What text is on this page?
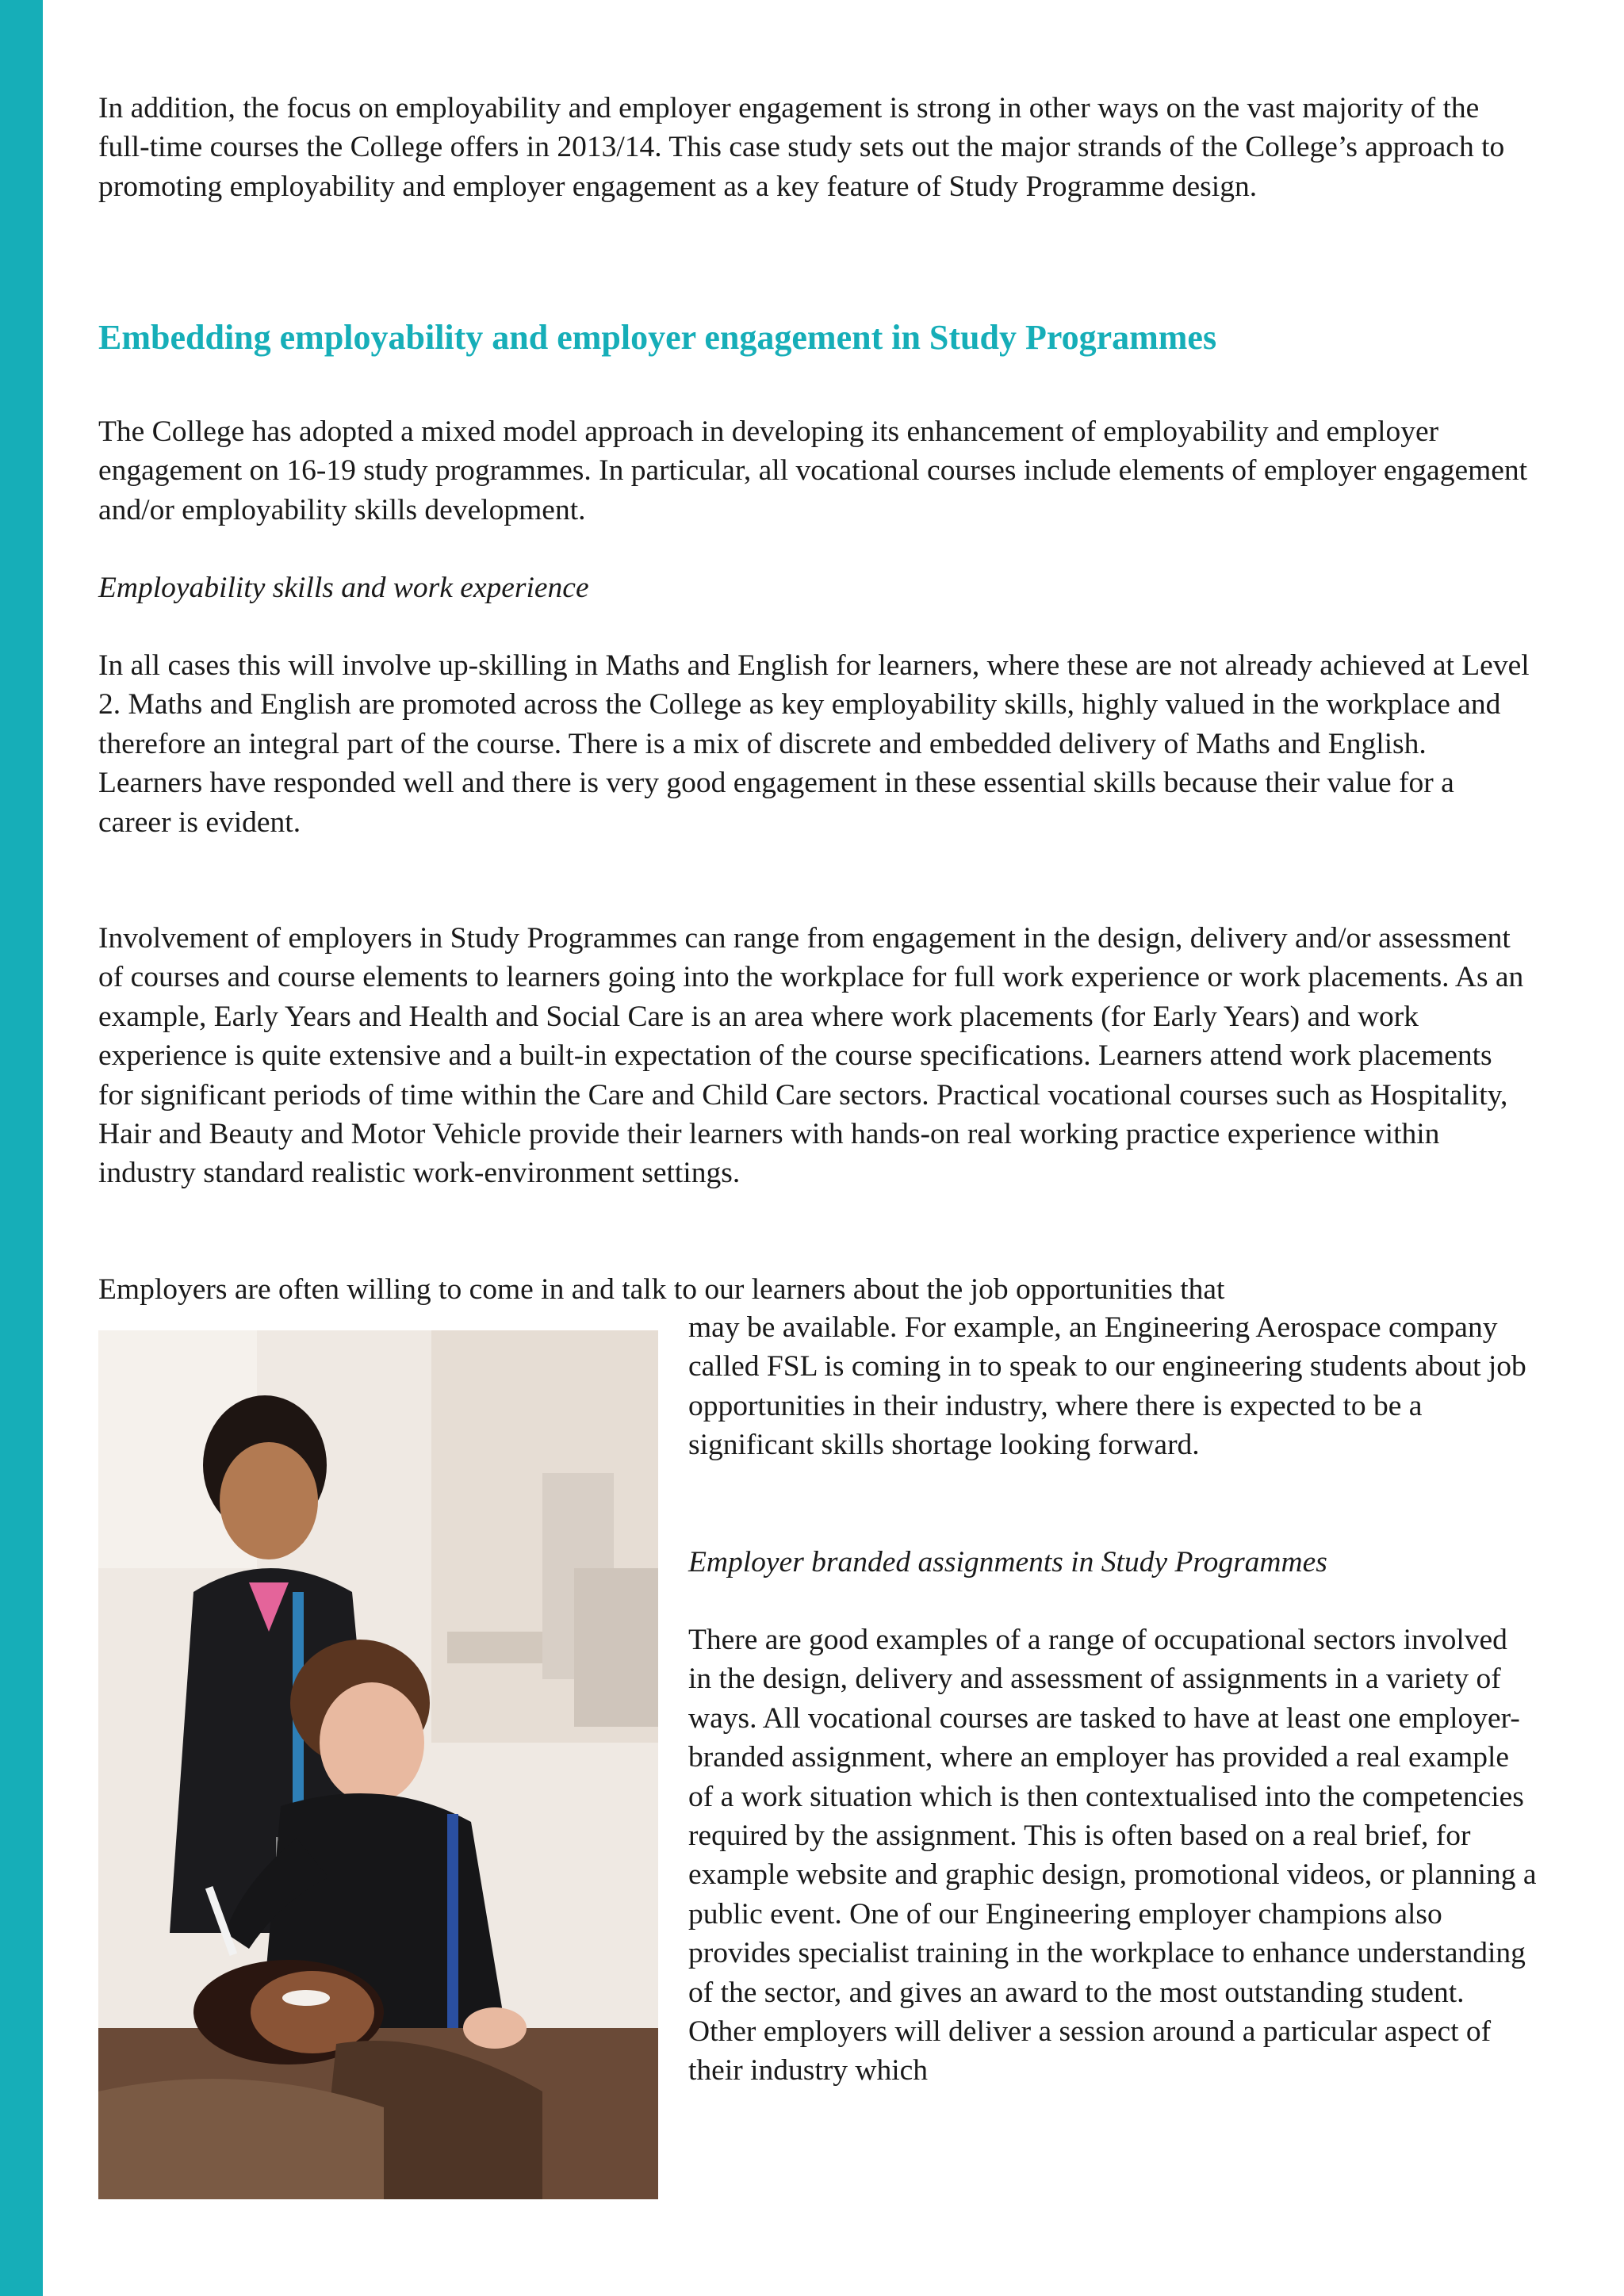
In addition, the focus on employability and employer engagement is strong in other ways on the vast majority of the full-time courses the College offers in 2013/14. This case study sets out the major strands of the College’s approach to promoting employability and employer engagement as a key feature of Study Programme design.

Embedding employability and employer engagement in Study Programmes

The College has adopted a mixed model approach in developing its enhancement of employability and employer engagement on 16-19 study programmes. In particular, all vocational courses include elements of employer engagement and/or employability skills development.

Employability skills and work experience

In all cases this will involve up-skilling in Maths and English for learners, where these are not already achieved at Level 2. Maths and English are promoted across the College as key employability skills, highly valued in the workplace and therefore an integral part of the course. There is a mix of discrete and embedded delivery of Maths and English. Learners have responded well and there is very good engagement in these essential skills because their value for a career is evident.

Involvement of employers in Study Programmes can range from engagement in the design, delivery and/or assessment of courses and course elements to learners going into the workplace for full work experience or work placements. As an example, Early Years and Health and Social Care is an area where work placements (for Early Years) and work experience is quite extensive and a built-in expectation of the course specifications. Learners attend work placements for significant periods of time within the Care and Child Care sectors. Practical vocational courses such as Hospitality, Hair and Beauty and Motor Vehicle provide their learners with hands-on real working practice experience within industry standard realistic work-environment settings.

Employers are often willing to come in and talk to our learners about the job opportunities that

may be available. For example, an Engineering Aerospace company called FSL is coming in to speak to our engineering students about job opportunities in their industry, where there is expected to be a significant skills shortage looking forward.

Employer branded assignments in Study Programmes

There are good examples of a range of occupational sectors involved in the design, delivery and assessment of assignments in a variety of ways. All vocational courses are tasked to have at least one employer-branded assignment, where an employer has provided a real example of a work situation which is then contextualised into the competencies required by the assignment. This is often based on a real brief, for example website and graphic design, promotional videos, or planning a public event. One of our Engineering employer champions also provides specialist training in the workplace to enhance understanding of the sector, and gives an award to the most outstanding student. Other employers will deliver a session around a particular aspect of their industry which
